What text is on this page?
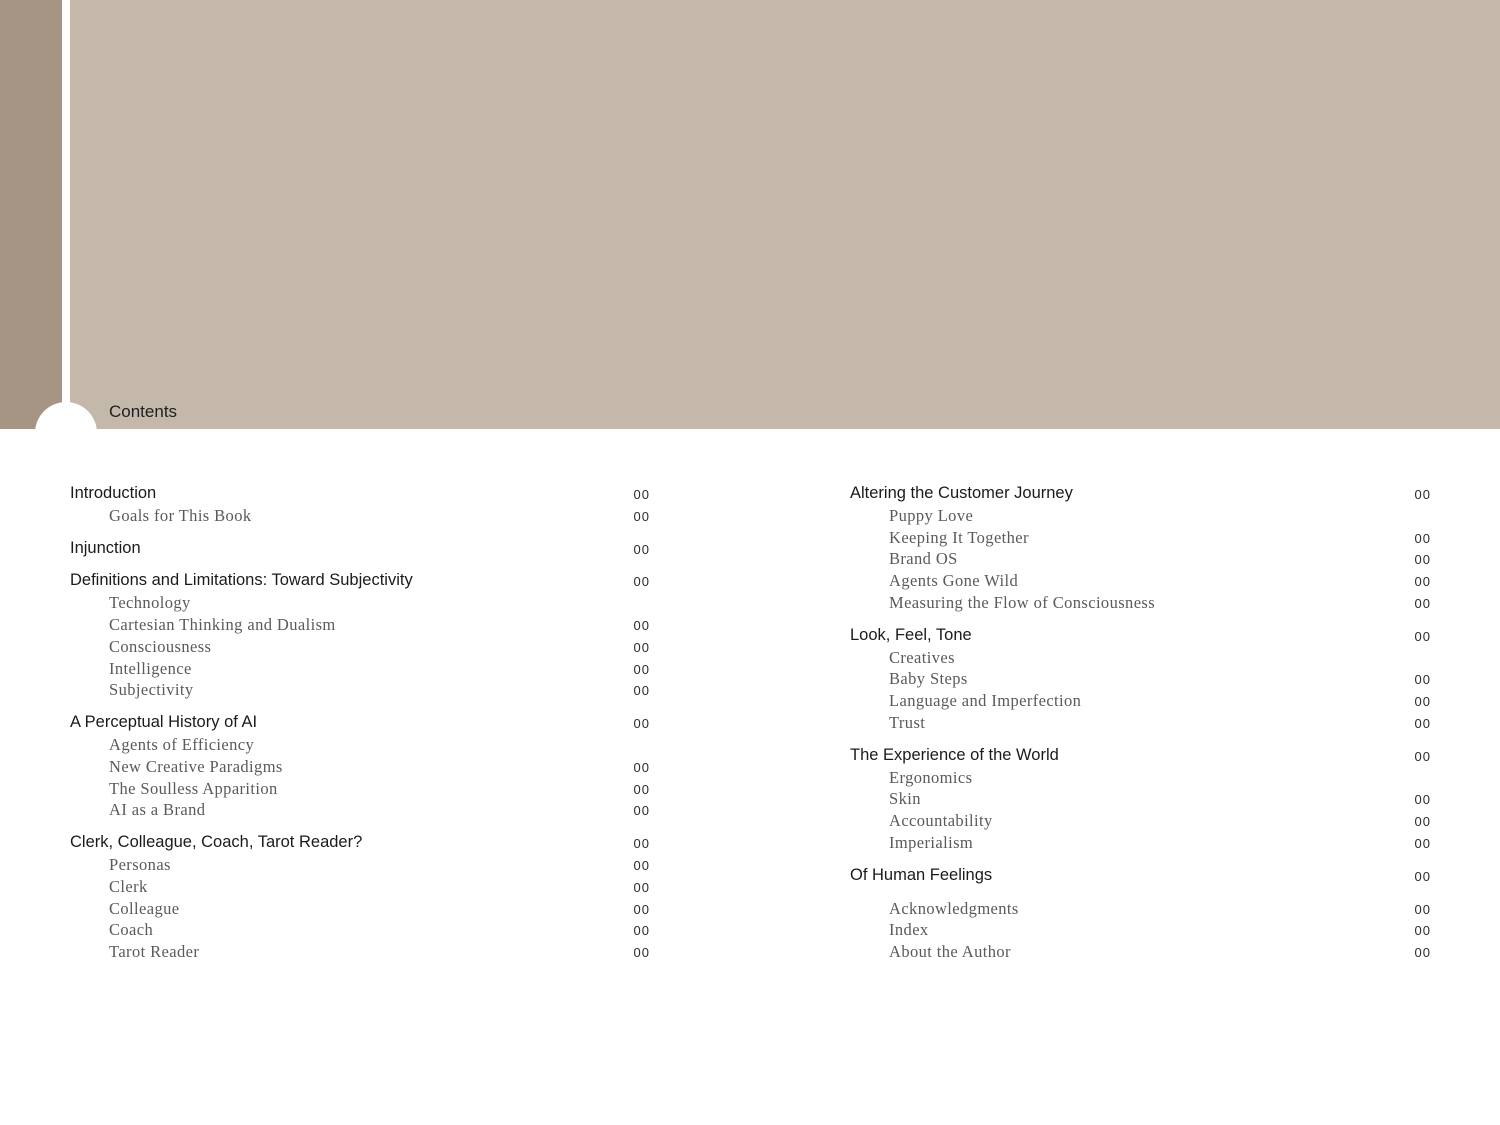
Contents
Introduction	00
Goals for This Book	00
Injunction	00
Definitions and Limitations: Toward Subjectivity	00
Technology
Cartesian Thinking and Dualism	00
Consciousness	00
Intelligence	00
Subjectivity	00
A Perceptual History of AI	00
Agents of Efficiency
New Creative Paradigms	00
The Soulless Apparition	00
AI as a Brand	00
Clerk, Colleague, Coach, Tarot Reader?	00
Personas	00
Clerk	00
Colleague	00
Coach	00
Tarot Reader	00
Altering the Customer Journey	00
Puppy Love
Keeping It Together	00
Brand OS	00
Agents Gone Wild	00
Measuring the Flow of Consciousness	00
Look, Feel, Tone	00
Creatives
Baby Steps	00
Language and Imperfection	00
Trust	00
The Experience of the World	00
Ergonomics
Skin	00
Accountability	00
Imperialism	00
Of Human Feelings	00
Acknowledgments	00
Index	00
About the Author	00
